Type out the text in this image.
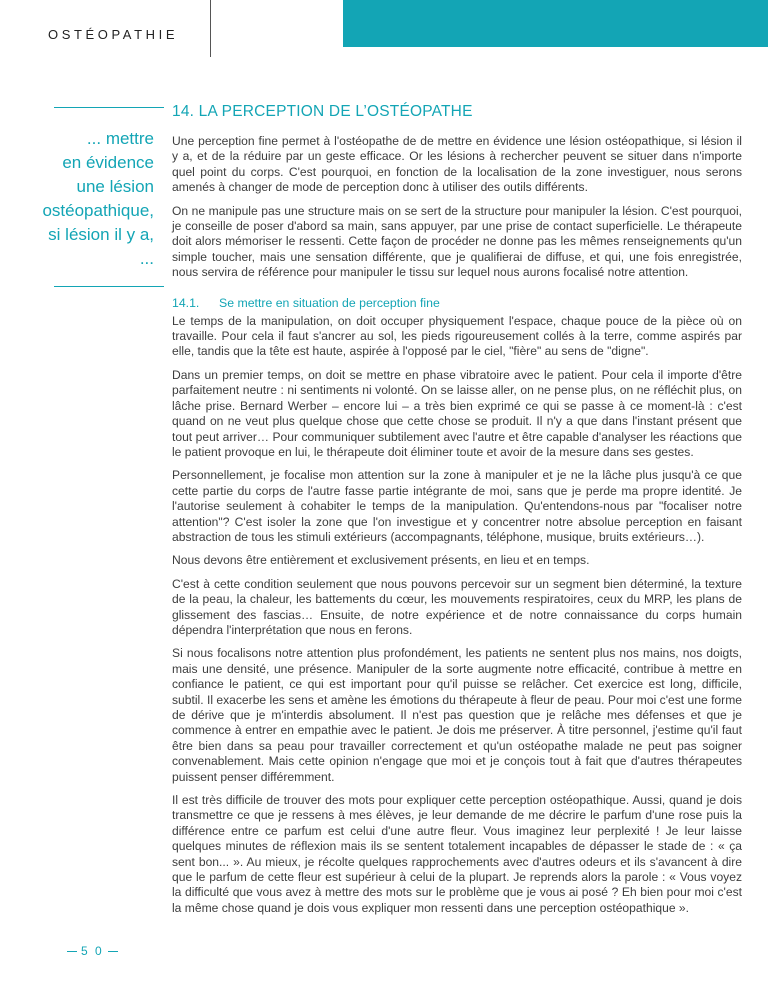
OSTÉOPATHIE
... mettre
en évidence
une lésion
ostéopathique,
si lésion il y a,
...
14. LA PERCEPTION DE L’OSTÉOPATHE

Une perception fine permet à l'ostéopathe de de mettre en évidence une lésion ostéopathique, si lésion il y a, et de la réduire par un geste efficace. Or les lésions à rechercher peuvent se situer dans n'importe quel point du corps. C'est pourquoi, en fonction de la localisation de la zone investiguer, nous serons amenés à changer de mode de perception donc à utiliser des outils différents.

On ne manipule pas une structure mais on se sert de la structure pour manipuler la lésion. C'est pourquoi, je conseille de poser d'abord sa main, sans appuyer, par une prise de contact superficielle. Le thérapeute doit alors mémoriser le ressenti. Cette façon de procéder ne donne pas les mêmes renseignements qu'un simple toucher, mais une sensation différente, que je qualifierai de diffuse, et qui, une fois enregistrée, nous servira de référence pour manipuler le tissu sur lequel nous aurons focalisé notre attention.

14.1. Se mettre en situation de perception fine

Le temps de la manipulation, on doit occuper physiquement l'espace, chaque pouce de la pièce où on travaille. Pour cela il faut s'ancrer au sol, les pieds rigoureusement collés à la terre, comme aspirés par elle, tandis que la tête est haute, aspirée à l'opposé par le ciel, "fière" au sens de "digne".

Dans un premier temps, on doit se mettre en phase vibratoire avec le patient. Pour cela il importe d'être parfaitement neutre : ni sentiments ni volonté. On se laisse aller, on ne pense plus, on ne réfléchit plus, on lâche prise. Bernard Werber – encore lui – a très bien exprimé ce qui se passe à ce moment-là : c'est quand on ne veut plus quelque chose que cette chose se produit. Il n'y a que dans l'instant présent que tout peut arriver… Pour communiquer subtilement avec l'autre et être capable d'analyser les réactions que le patient provoque en lui, le thérapeute doit éliminer toute et avoir de la mesure dans ses gestes.

Personnellement, je focalise mon attention sur la zone à manipuler et je ne la lâche plus jusqu'à ce que cette partie du corps de l'autre fasse partie intégrante de moi, sans que je perde ma propre identité. Je l'autorise seulement à cohabiter le temps de la manipulation. Qu'entendons-nous par "focaliser notre attention"? C'est isoler la zone que l'on investigue et y concentrer notre absolue perception en faisant abstraction de tous les stimuli extérieurs (accompagnants, téléphone, musique, bruits extérieurs…).

Nous devons être entièrement et exclusivement présents, en lieu et en temps.

C'est à cette condition seulement que nous pouvons percevoir sur un segment bien déterminé, la texture de la peau, la chaleur, les battements du cœur, les mouvements respiratoires, ceux du MRP, les plans de glissement des fascias… Ensuite, de notre expérience et de notre connaissance du corps humain dépendra l'interprétation que nous en ferons.

Si nous focalisons notre attention plus profondément, les patients ne sentent plus nos mains, nos doigts, mais une densité, une présence. Manipuler de la sorte augmente notre efficacité, contribue à mettre en confiance le patient, ce qui est important pour qu'il puisse se relâcher. Cet exercice est long, difficile, subtil. Il exacerbe les sens et amène les émotions du thérapeute à fleur de peau. Pour moi c'est une forme de dérive que je m'interdis absolument. Il n'est pas question que je relâche mes défenses et que je commence à entrer en empathie avec le patient. Je dois me préserver. À titre personnel, j'estime qu'il faut être bien dans sa peau pour travailler correctement et qu'un ostéopathe malade ne peut pas soigner convenablement. Mais cette opinion n'engage que moi et je conçois tout à fait que d'autres thérapeutes puissent penser différemment.

Il est très difficile de trouver des mots pour expliquer cette perception ostéopathique. Aussi, quand je dois transmettre ce que je ressens à mes élèves, je leur demande de me décrire le parfum d'une rose puis la différence entre ce parfum est celui d'une autre fleur. Vous imaginez leur perplexité ! Je leur laisse quelques minutes de réflexion mais ils se sentent totalement incapables de dépasser le stade de : « ça sent bon... ». Au mieux, je récolte quelques rapprochements avec d'autres odeurs et ils s'avancent à dire que le parfum de cette fleur est supérieur à celui de la plupart. Je reprends alors la parole : « Vous voyez la difficulté que vous avez à mettre des mots sur le problème que je vous ai posé ? Eh bien pour moi c'est la même chose quand je dois vous expliquer mon ressenti dans une perception ostéopathique ».

5 0
